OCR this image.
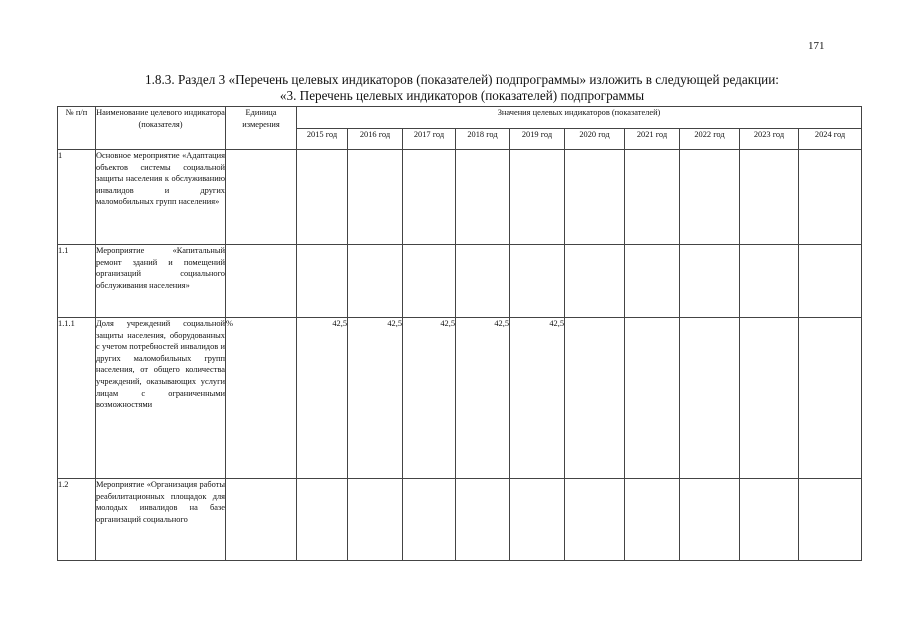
171
1.8.3. Раздел 3 «Перечень целевых индикаторов (показателей) подпрограммы» изложить в следующей редакции:
«3. Перечень целевых индикаторов (показателей) подпрограммы
№ п/п	Наименование целевого индикатора (показателя)	Единица измерения	Значения целевых индикаторов (показателей)									
			2015 год	2016 год	2017 год	2018 год	2019 год	2020 год	2021 год	2022 год	2023 год	2024 год
1	Основное мероприятие «Адаптация объектов системы социальной защиты населения к обслуживанию инвалидов и других маломобильных групп населения»											
1.1	Мероприятие «Капитальный ремонт зданий и помещений организаций социального обслуживания населения»											
1.1.1	Доля учреждений социальной защиты населения, оборудованных с учетом потребностей инвалидов и других маломобильных групп населения, от общего количества учреждений, оказывающих услуги лицам с ограниченными возможностями	%	42,5	42,5	42,5	42,5	42,5					
1.2	Мероприятие «Организация работы реабилитационных площадок для молодых инвалидов на базе организаций социального											
